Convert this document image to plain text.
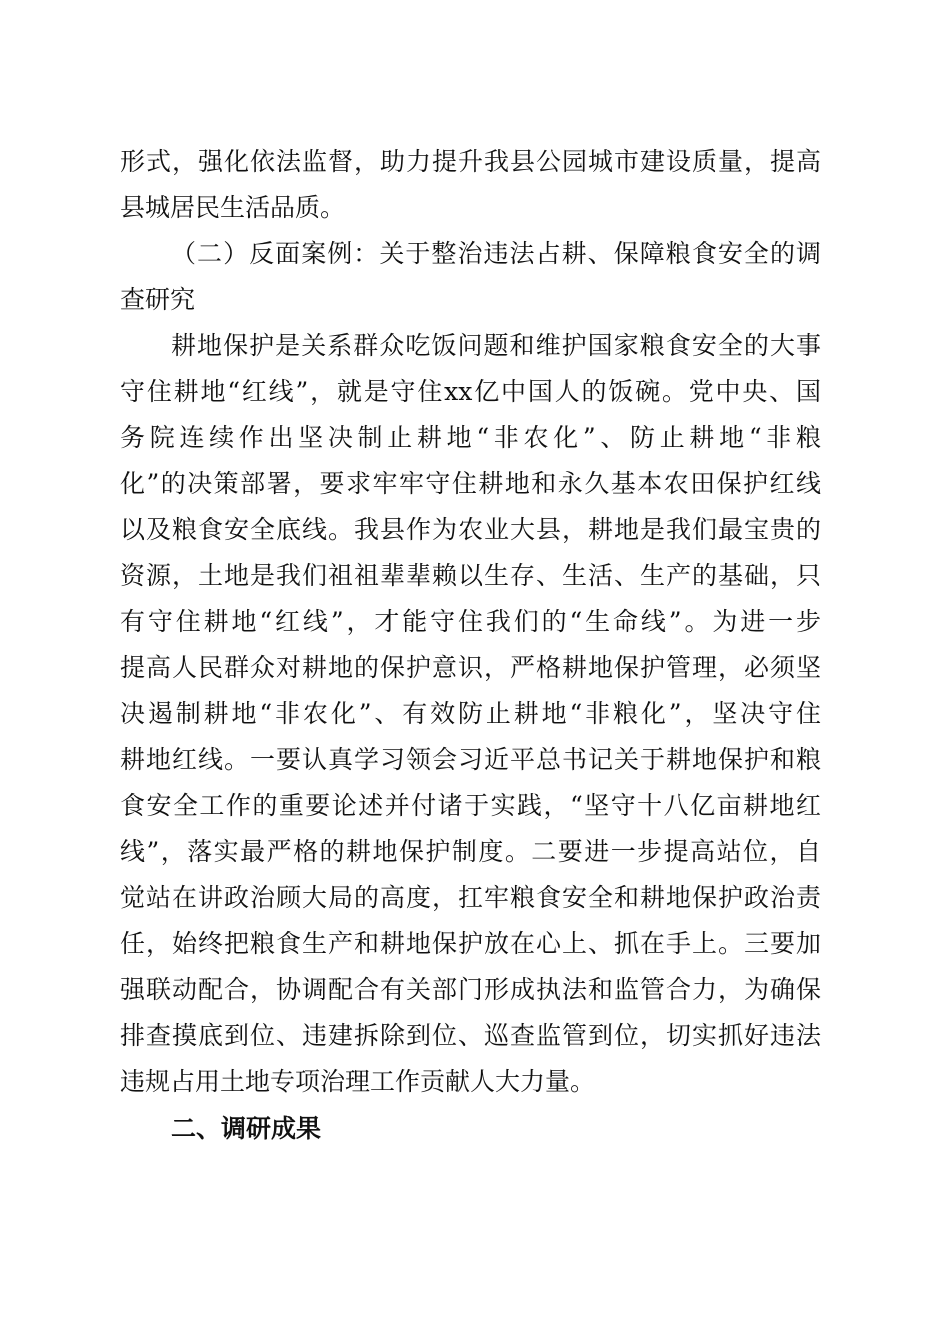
形式，强化依法监督，助力提升我县公园城市建设质量，提高
县城居民生活品质。
（二）反面案例：关于整治违法占耕、保障粮食安全的调
查研究
耕地保护是关系群众吃饭问题和维护国家粮食安全的大事
守住耕地“红线”，就是守住xx亿中国人的饭碗。党中央、国
务院连续作出坚决制止耕地“非农化”、防止耕地“非粮
化”的决策部署，要求牢牢守住耕地和永久基本农田保护红线
以及粮食安全底线。我县作为农业大县，耕地是我们最宝贵的
资源，土地是我们祖祖辈辈赖以生存、生活、生产的基础，只
有守住耕地“红线”，才能守住我们的“生命线”。为进一步
提高人民群众对耕地的保护意识，严格耕地保护管理，必须坚
决遏制耕地“非农化”、有效防止耕地“非粮化”，坚决守住
耕地红线。一要认真学习领会习近平总书记关于耕地保护和粮
食安全工作的重要论述并付诸于实践，“坚守十八亿亩耕地红
线”，落实最严格的耕地保护制度。二要进一步提高站位，自
觉站在讲政治顾大局的高度，扛牢粮食安全和耕地保护政治责
任，始终把粮食生产和耕地保护放在心上、抓在手上。三要加
强联动配合，协调配合有关部门形成执法和监管合力，为确保
排查摸底到位、违建拆除到位、巡查监管到位，切实抓好违法
违规占用土地专项治理工作贡献人大力量。
二、调研成果
